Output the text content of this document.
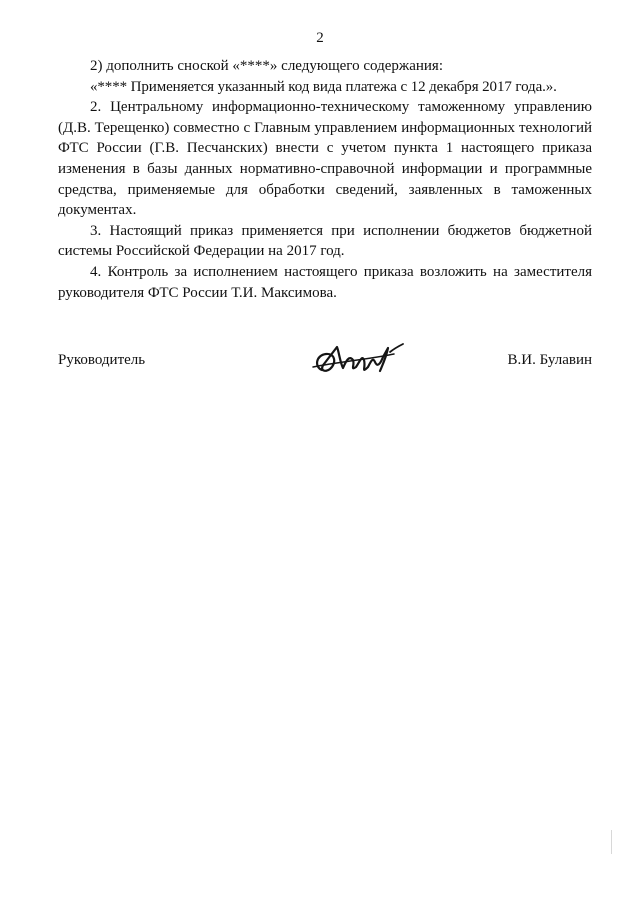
2

2) дополнить сноской «****» следующего содержания:

«**** Применяется указанный код вида платежа с 12 декабря 2017 года.».

2. Центральному информационно-техническому таможенному управлению (Д.В. Терещенко) совместно с Главным управлением информационных технологий ФТС России (Г.В. Песчанских) внести с учетом пункта 1 настоящего приказа изменения в базы данных нормативно-справочной информации и программные средства, применяемые для обработки сведений, заявленных в таможенных документах.

3. Настоящий приказ применяется при исполнении бюджетов бюджетной системы Российской Федерации на 2017 год.

4. Контроль за исполнением настоящего приказа возложить на заместителя руководителя ФТС России Т.И. Максимова.

Руководитель	В.И. Булавин
